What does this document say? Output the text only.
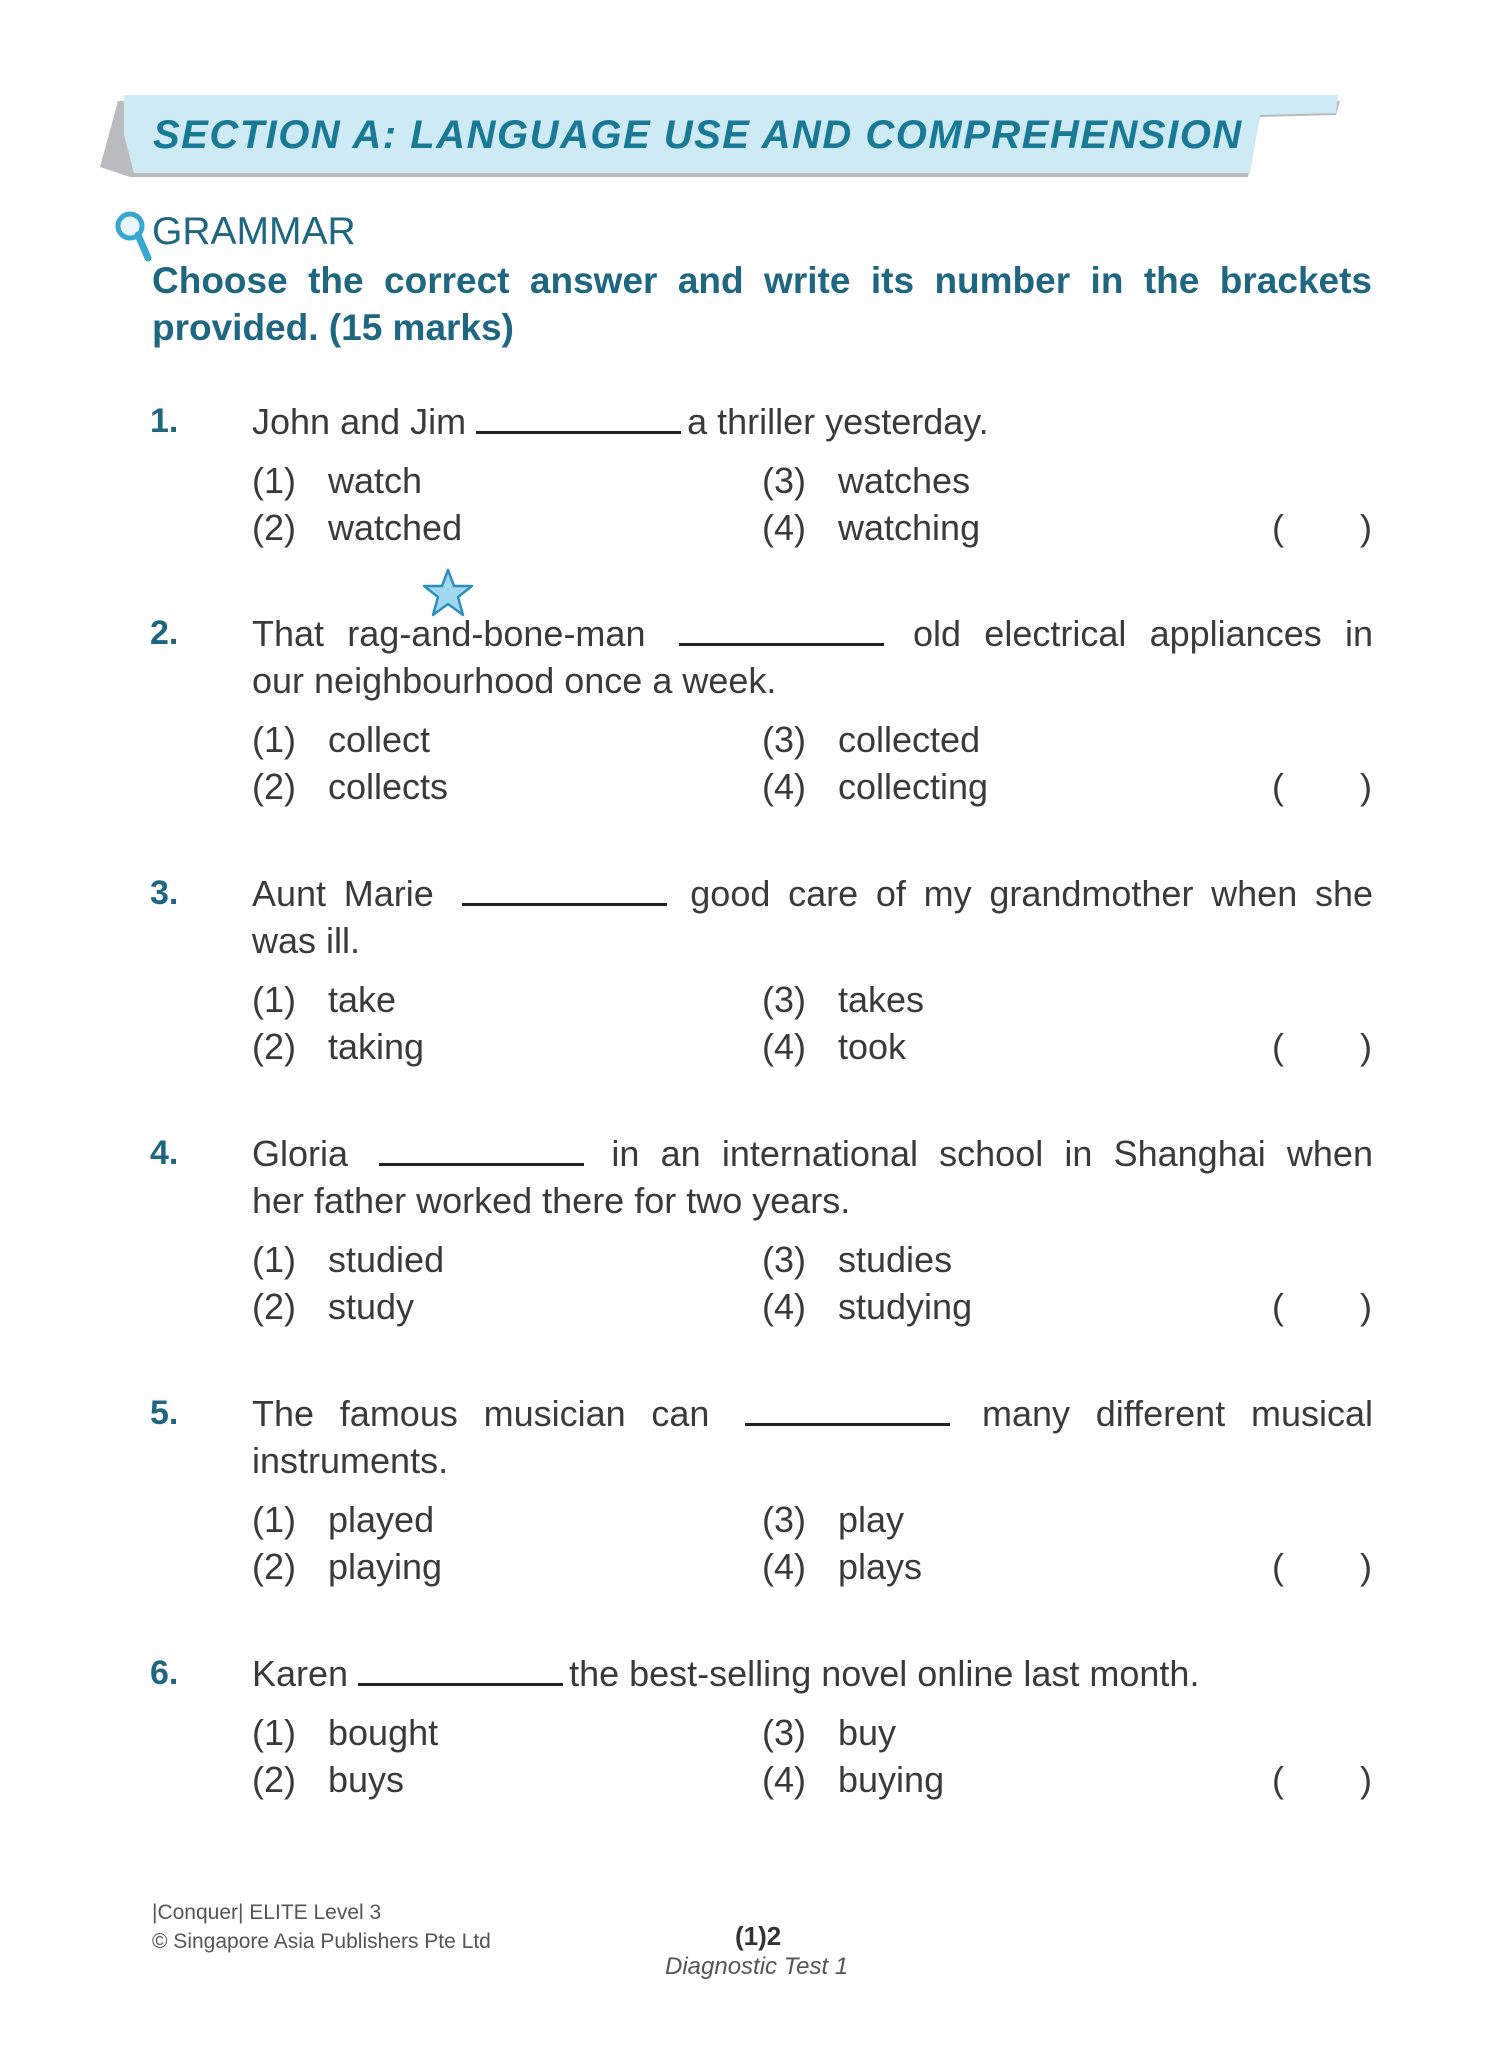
SECTION A: LANGUAGE USE AND COMPREHENSION
GRAMMAR
Choose the correct answer and write its number in the brackets
provided. (15 marks)
1. John and Jim	a thriller yesterday.
(1) watch
(2) watched
(3) watches
(4) watching	( )
2. That rag-and-bone-man	old electrical appliances in
our neighbourhood once a week.
(1) collect
(2) collects
(3) collected
(4) collecting	( )
3. Aunt Marie	good care of my grandmother when she
was ill.
(1) take
(2) taking
(3) takes
(4) took	( )
4. Gloria	in an international school in Shanghai when
her father worked there for two years.
(1) studied
(2) study
(3) studies
(4) studying	( )
5. The famous musician can	many different musical
instruments.
(1) played
(2) playing
(3) play
(4) plays	( )
6. Karen	the best-selling novel online last month.
(1) bought
(2) buys
(3) buy
(4) buying	( )
|Conquer| ELITE Level 3
© Singapore Asia Publishers Pte Ltd	(1)2
Diagnostic Test 1
